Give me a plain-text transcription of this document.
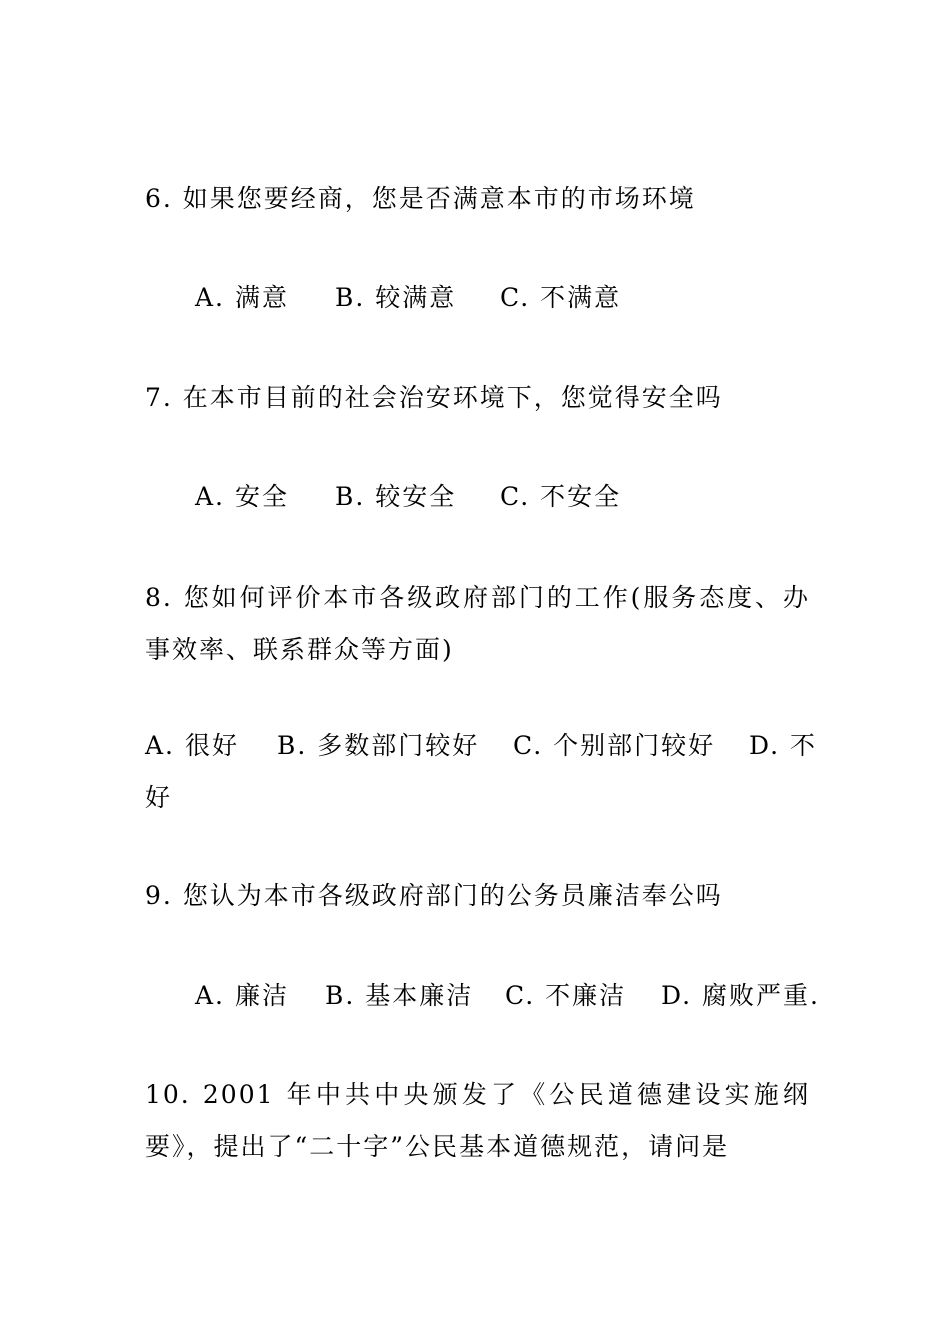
6. 如果您要经商，您是否满意本市的市场环境

A. 满意

B. 较满意

C. 不满意

7. 在本市目前的社会治安环境下，您觉得安全吗

A. 安全

B. 较安全

C. 不安全

8. 您如何评价本市各级政府部门的工作(服务态度、办事效率、联系群众等方面)

A. 很好

B. 多数部门较好

C. 个别部门较好

D. 不

好

9. 您认为本市各级政府部门的公务员廉洁奉公吗

A. 廉洁

B. 基本廉洁

C. 不廉洁

D. 腐败严重.

10. 2001 年中共中央颁发了《公民道德建设实施纲要》，提出了“二十字”公民基本道德规范，请问是
